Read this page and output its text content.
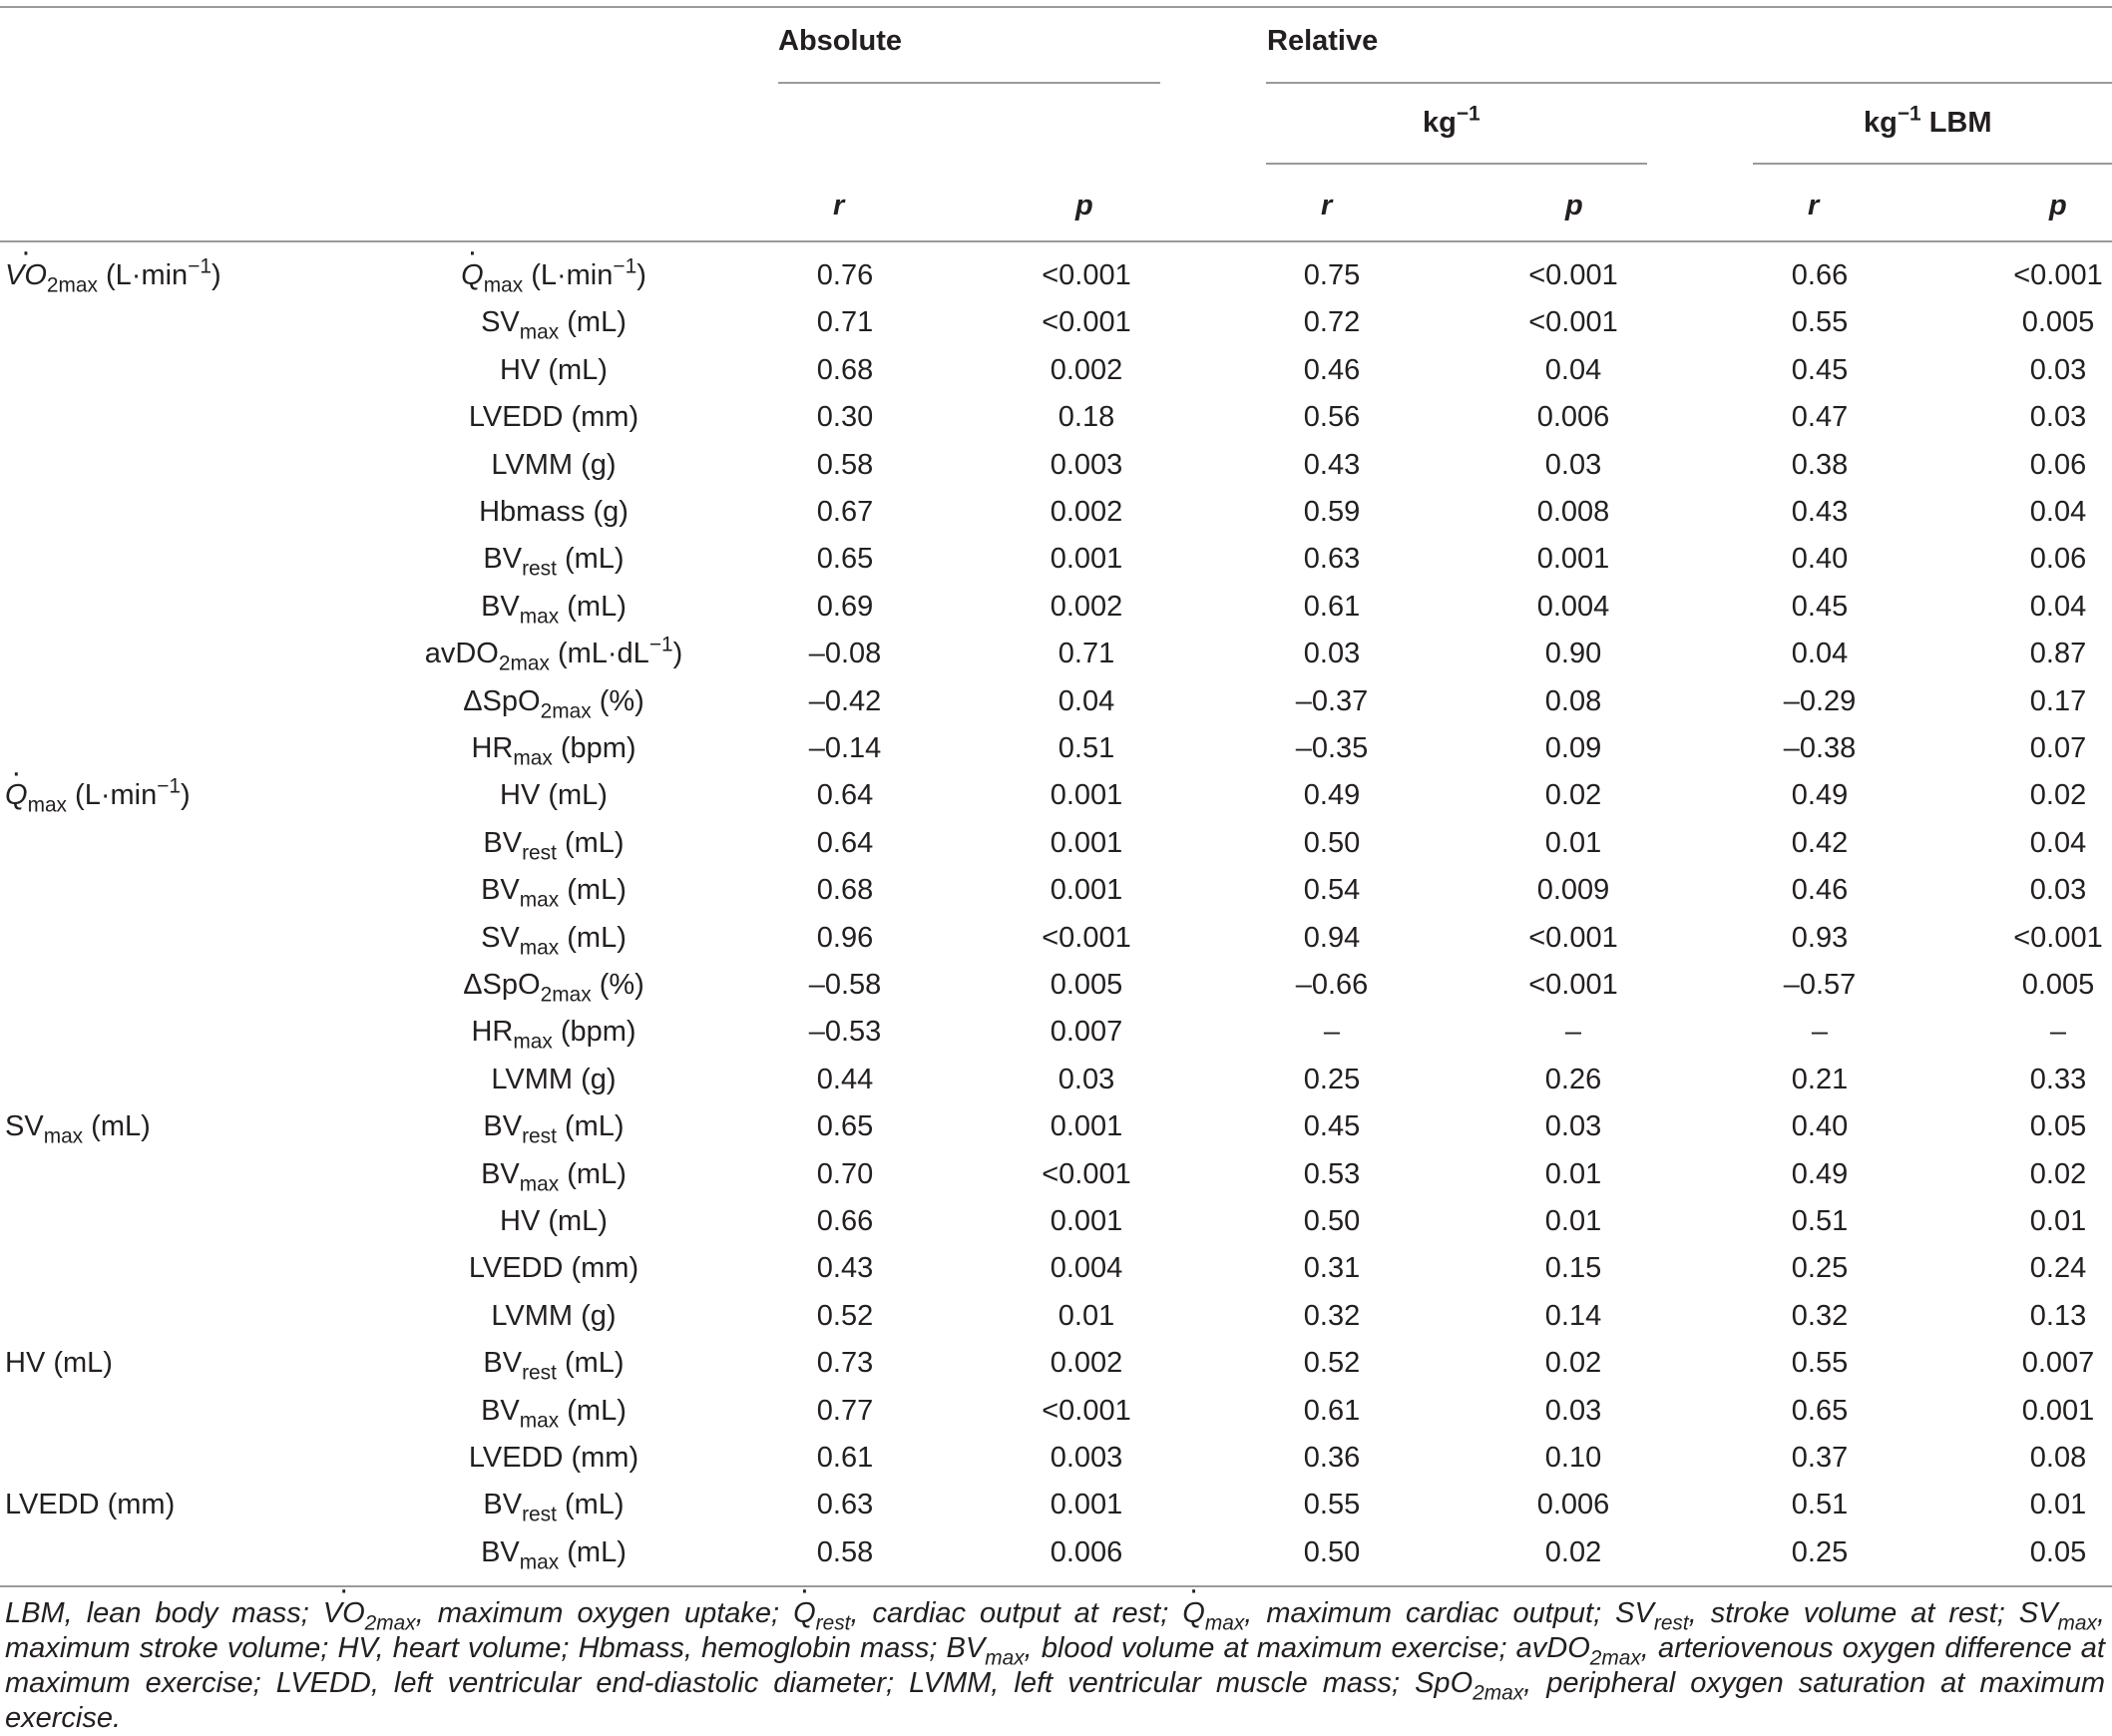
Absolute	Relative
$kg^{-1}$	$kg^{-1}$ LBM
r	p	r	p	r	p
· $VO_{2max}$ $(L\cdot\min^{-1})$
·	$Q_{max}$ $(L\cdot\min^{-1})$	0.76	<0.001	0.75	<0.001	0.66	<0.001
$SV_{max}$ (mL)	0.71	<0.001	0.72	<0.001	0.55	0.005
HV (mL)	0.68	0.002	0.46	0.04	0.45	0.03
LVEDD (mm)	0.30	0.18	0.56	0.006	0.47	0.03
LVMM (g)	0.58	0.003	0.43	0.03	0.38	0.06
Hbmass (g)	0.67	0.002	0.59	0.008	0.43	0.04
$BV_{rest}$ (mL)	0.65	0.001	0.63	0.001	0.40	0.06
$BV_{max}$ (mL)	0.69	0.002	0.61	0.004	0.45	0.04
avDO$_{2max}$ $(mL\cdot dL^{-1})$	–0.08	0.71	0.03	0.90	0.04	0.87
ΔSpO$_{2max}$ (%)	–0.42	0.04	–0.37	0.08	–0.29	0.17
$HR_{max}$ (bpm)	–0.14	0.51	–0.35	0.09	–0.38	0.07
· $Q_{max}$ $(L\cdot\min^{-1})$	HV (mL)	0.64	0.001	0.49	0.02	0.49	0.02
$BV_{rest}$ (mL)	0.64	0.001	0.50	0.01	0.42	0.04
$BV_{max}$ (mL)	0.68	0.001	0.54	0.009	0.46	0.03
$SV_{max}$ (mL)	0.96	<0.001	0.94	<0.001	0.93	<0.001
ΔSpO$_{2max}$ (%)	–0.58	0.005	–0.66	<0.001	–0.57	0.005
$HR_{max}$ (bpm)	–0.53	0.007	–	–	–	–
LVMM (g)	0.44	0.03	0.25	0.26	0.21	0.33
$SV_{max}$ (mL)	$BV_{rest}$ (mL)	0.65	0.001	0.45	0.03	0.40	0.05
$BV_{max}$ (mL)	0.70	<0.001	0.53	0.01	0.49	0.02
HV (mL)	0.66	0.001	0.50	0.01	0.51	0.01
LVEDD (mm)	0.43	0.004	0.31	0.15	0.25	0.24
LVMM (g)	0.52	0.01	0.32	0.14	0.32	0.13
HV (mL)	$BV_{rest}$ (mL)	0.73	0.002	0.52	0.02	0.55	0.007
$BV_{max}$ (mL)	0.77	<0.001	0.61	0.03	0.65	0.001
LVEDD (mm)	0.61	0.003	0.36	0.10	0.37	0.08
LVEDD (mm)	$BV_{rest}$ (mL)	0.63	0.001	0.55	0.006	0.51	0.01
$BV_{max}$ (mL)	0.58	0.006	0.50	0.02	0.25	0.05
LBM, lean body mass; · $VO_{2max}$, maximum oxygen uptake; · $Q_{rest}$, cardiac output at rest; · $Q_{max}$, maximum cardiac output; $SV_{rest}$, stroke volume at rest; $SV_{max}$, maximum stroke volume; HV, heart volume; Hbmass, hemoglobin mass; $BV_{max}$, blood volume at maximum exercise; avDO$_{2max}$, arteriovenous oxygen difference at maximum exercise; LVEDD, left ventricular end-diastolic diameter; LVMM, left ventricular muscle mass; SpO$_{2max}$, peripheral oxygen saturation at maximum exercise.
